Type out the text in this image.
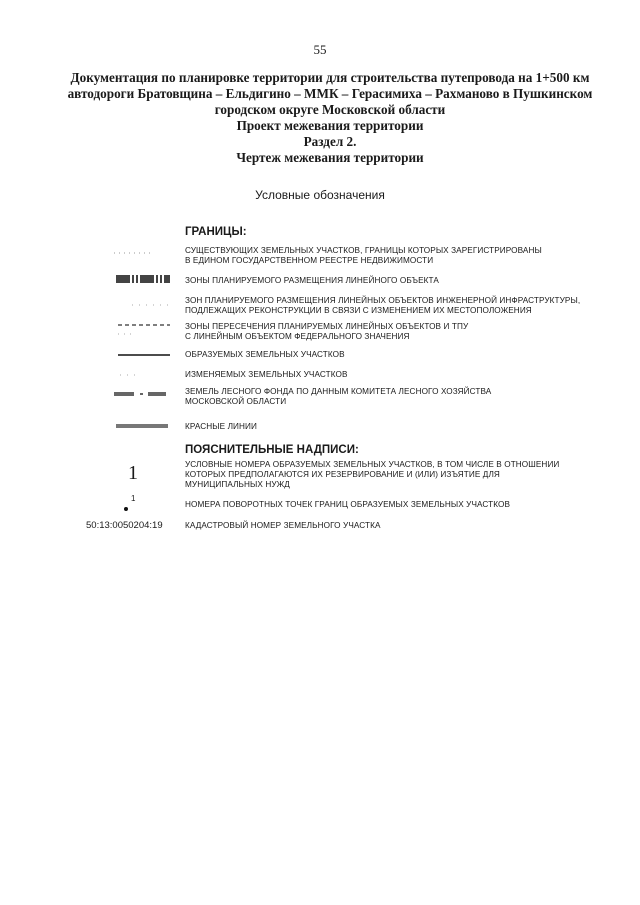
55
Документация по планировке территории для строительства путепровода на 1+500 км
автодороги Братовщина – Ельдигино – ММК – Герасимиха – Рахманово в Пушкинском
городском округе Московской области
Проект межевания территории
Раздел 2.
Чертеж межевания территории
Условные обозначения
ГРАНИЦЫ:
СУЩЕСТВУЮЩИХ ЗЕМЕЛЬНЫХ УЧАСТКОВ, ГРАНИЦЫ КОТОРЫХ ЗАРЕГИСТРИРОВАНЫ
В ЕДИНОМ ГОСУДАРСТВЕННОМ РЕЕСТРЕ НЕДВИЖИМОСТИ
ЗОНЫ ПЛАНИРУЕМОГО РАЗМЕЩЕНИЯ ЛИНЕЙНОГО ОБЪЕКТА
ЗОН ПЛАНИРУЕМОГО РАЗМЕЩЕНИЯ ЛИНЕЙНЫХ ОБЪЕКТОВ ИНЖЕНЕРНОЙ ИНФРАСТРУКТУРЫ,
ПОДЛЕЖАЩИХ РЕКОНСТРУКЦИИ В СВЯЗИ С ИЗМЕНЕНИЕМ ИХ МЕСТОПОЛОЖЕНИЯ
ЗОНЫ ПЕРЕСЕЧЕНИЯ ПЛАНИРУЕМЫХ ЛИНЕЙНЫХ ОБЪЕКТОВ И ТПУ
С ЛИНЕЙНЫМ ОБЪЕКТОМ ФЕДЕРАЛЬНОГО ЗНАЧЕНИЯ
ОБРАЗУЕМЫХ ЗЕМЕЛЬНЫХ УЧАСТКОВ
ИЗМЕНЯЕМЫХ ЗЕМЕЛЬНЫХ УЧАСТКОВ
ЗЕМЕЛЬ ЛЕСНОГО ФОНДА ПО ДАННЫМ КОМИТЕТА ЛЕСНОГО ХОЗЯЙСТВА
МОСКОВСКОЙ ОБЛАСТИ
КРАСНЫЕ ЛИНИИ
ПОЯСНИТЕЛЬНЫЕ НАДПИСИ:
1	УСЛОВНЫЕ НОМЕРА ОБРАЗУЕМЫХ ЗЕМЕЛЬНЫХ УЧАСТКОВ, В ТОМ ЧИСЛЕ В ОТНОШЕНИИ
КОТОРЫХ ПРЕДПОЛАГАЮТСЯ ИХ РЕЗЕРВИРОВАНИЕ И (ИЛИ) ИЗЪЯТИЕ ДЛЯ
МУНИЦИПАЛЬНЫХ НУЖД
1
НОМЕРА ПОВОРОТНЫХ ТОЧЕК ГРАНИЦ ОБРАЗУЕМЫХ ЗЕМЕЛЬНЫХ УЧАСТКОВ
50:13:0050204:19	КАДАСТРОВЫЙ НОМЕР ЗЕМЕЛЬНОГО УЧАСТКА
